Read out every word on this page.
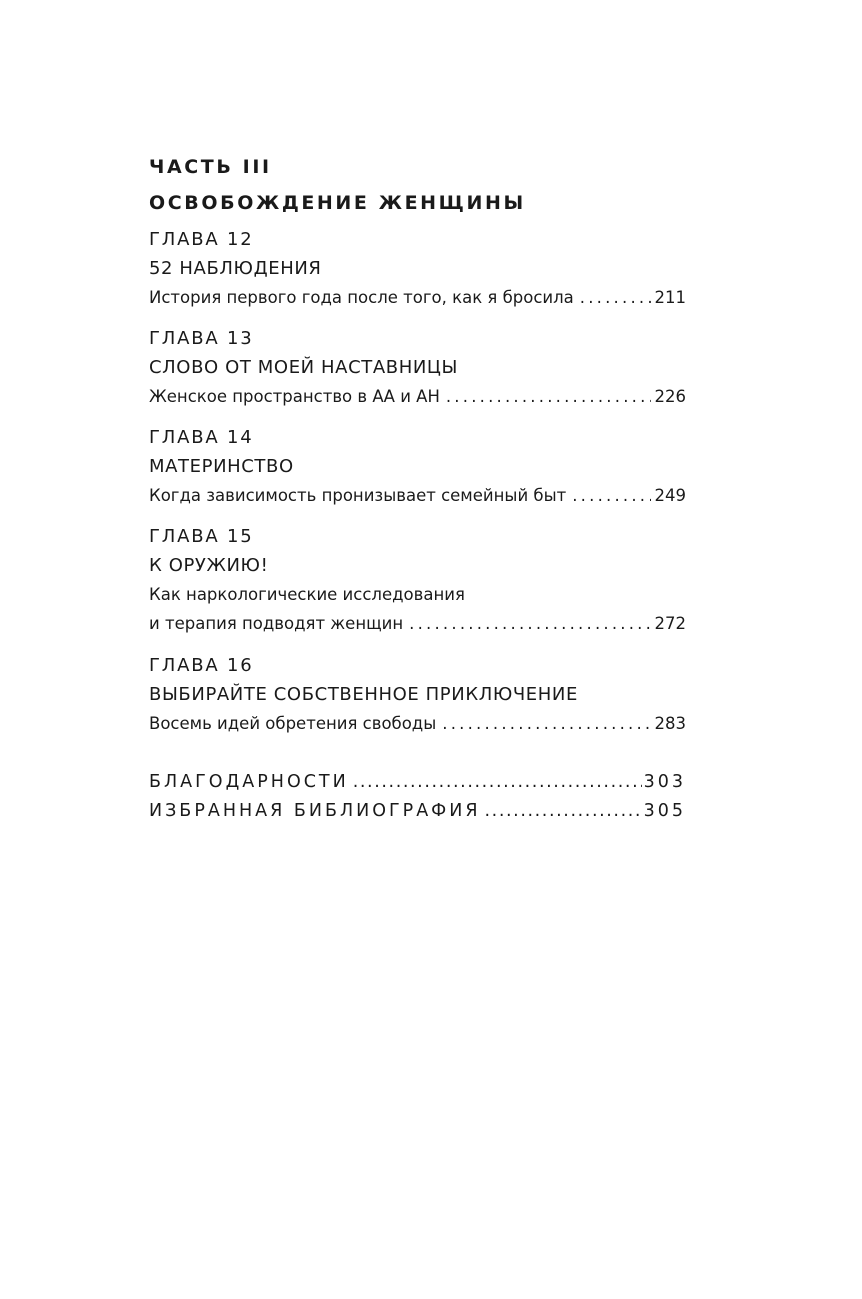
ЧАСТЬ III
ОСВОБОЖДЕНИЕ ЖЕНЩИНЫ
ГЛАВА 12
52 НАБЛЮДЕНИЯ
История первого года после того, как я бросила .....	211
ГЛАВА 13
СЛОВО ОТ МОЕЙ НАСТАВНИЦЫ
Женское пространство в АА и АН .....	226
ГЛАВА 14
МАТЕРИНСТВО
Когда зависимость пронизывает семейный быт .....	249
ГЛАВА 15
К ОРУЖИЮ!
Как наркологические исследования
и терапия подводят женщин .....	272
ГЛАВА 16
ВЫБИРАЙТЕ СОБСТВЕННОЕ ПРИКЛЮЧЕНИЕ
Восемь идей обретения свободы .....	283
БЛАГОДАРНОСТИ .....	303
ИЗБРАННАЯ БИБЛИОГРАФИЯ .....	305
